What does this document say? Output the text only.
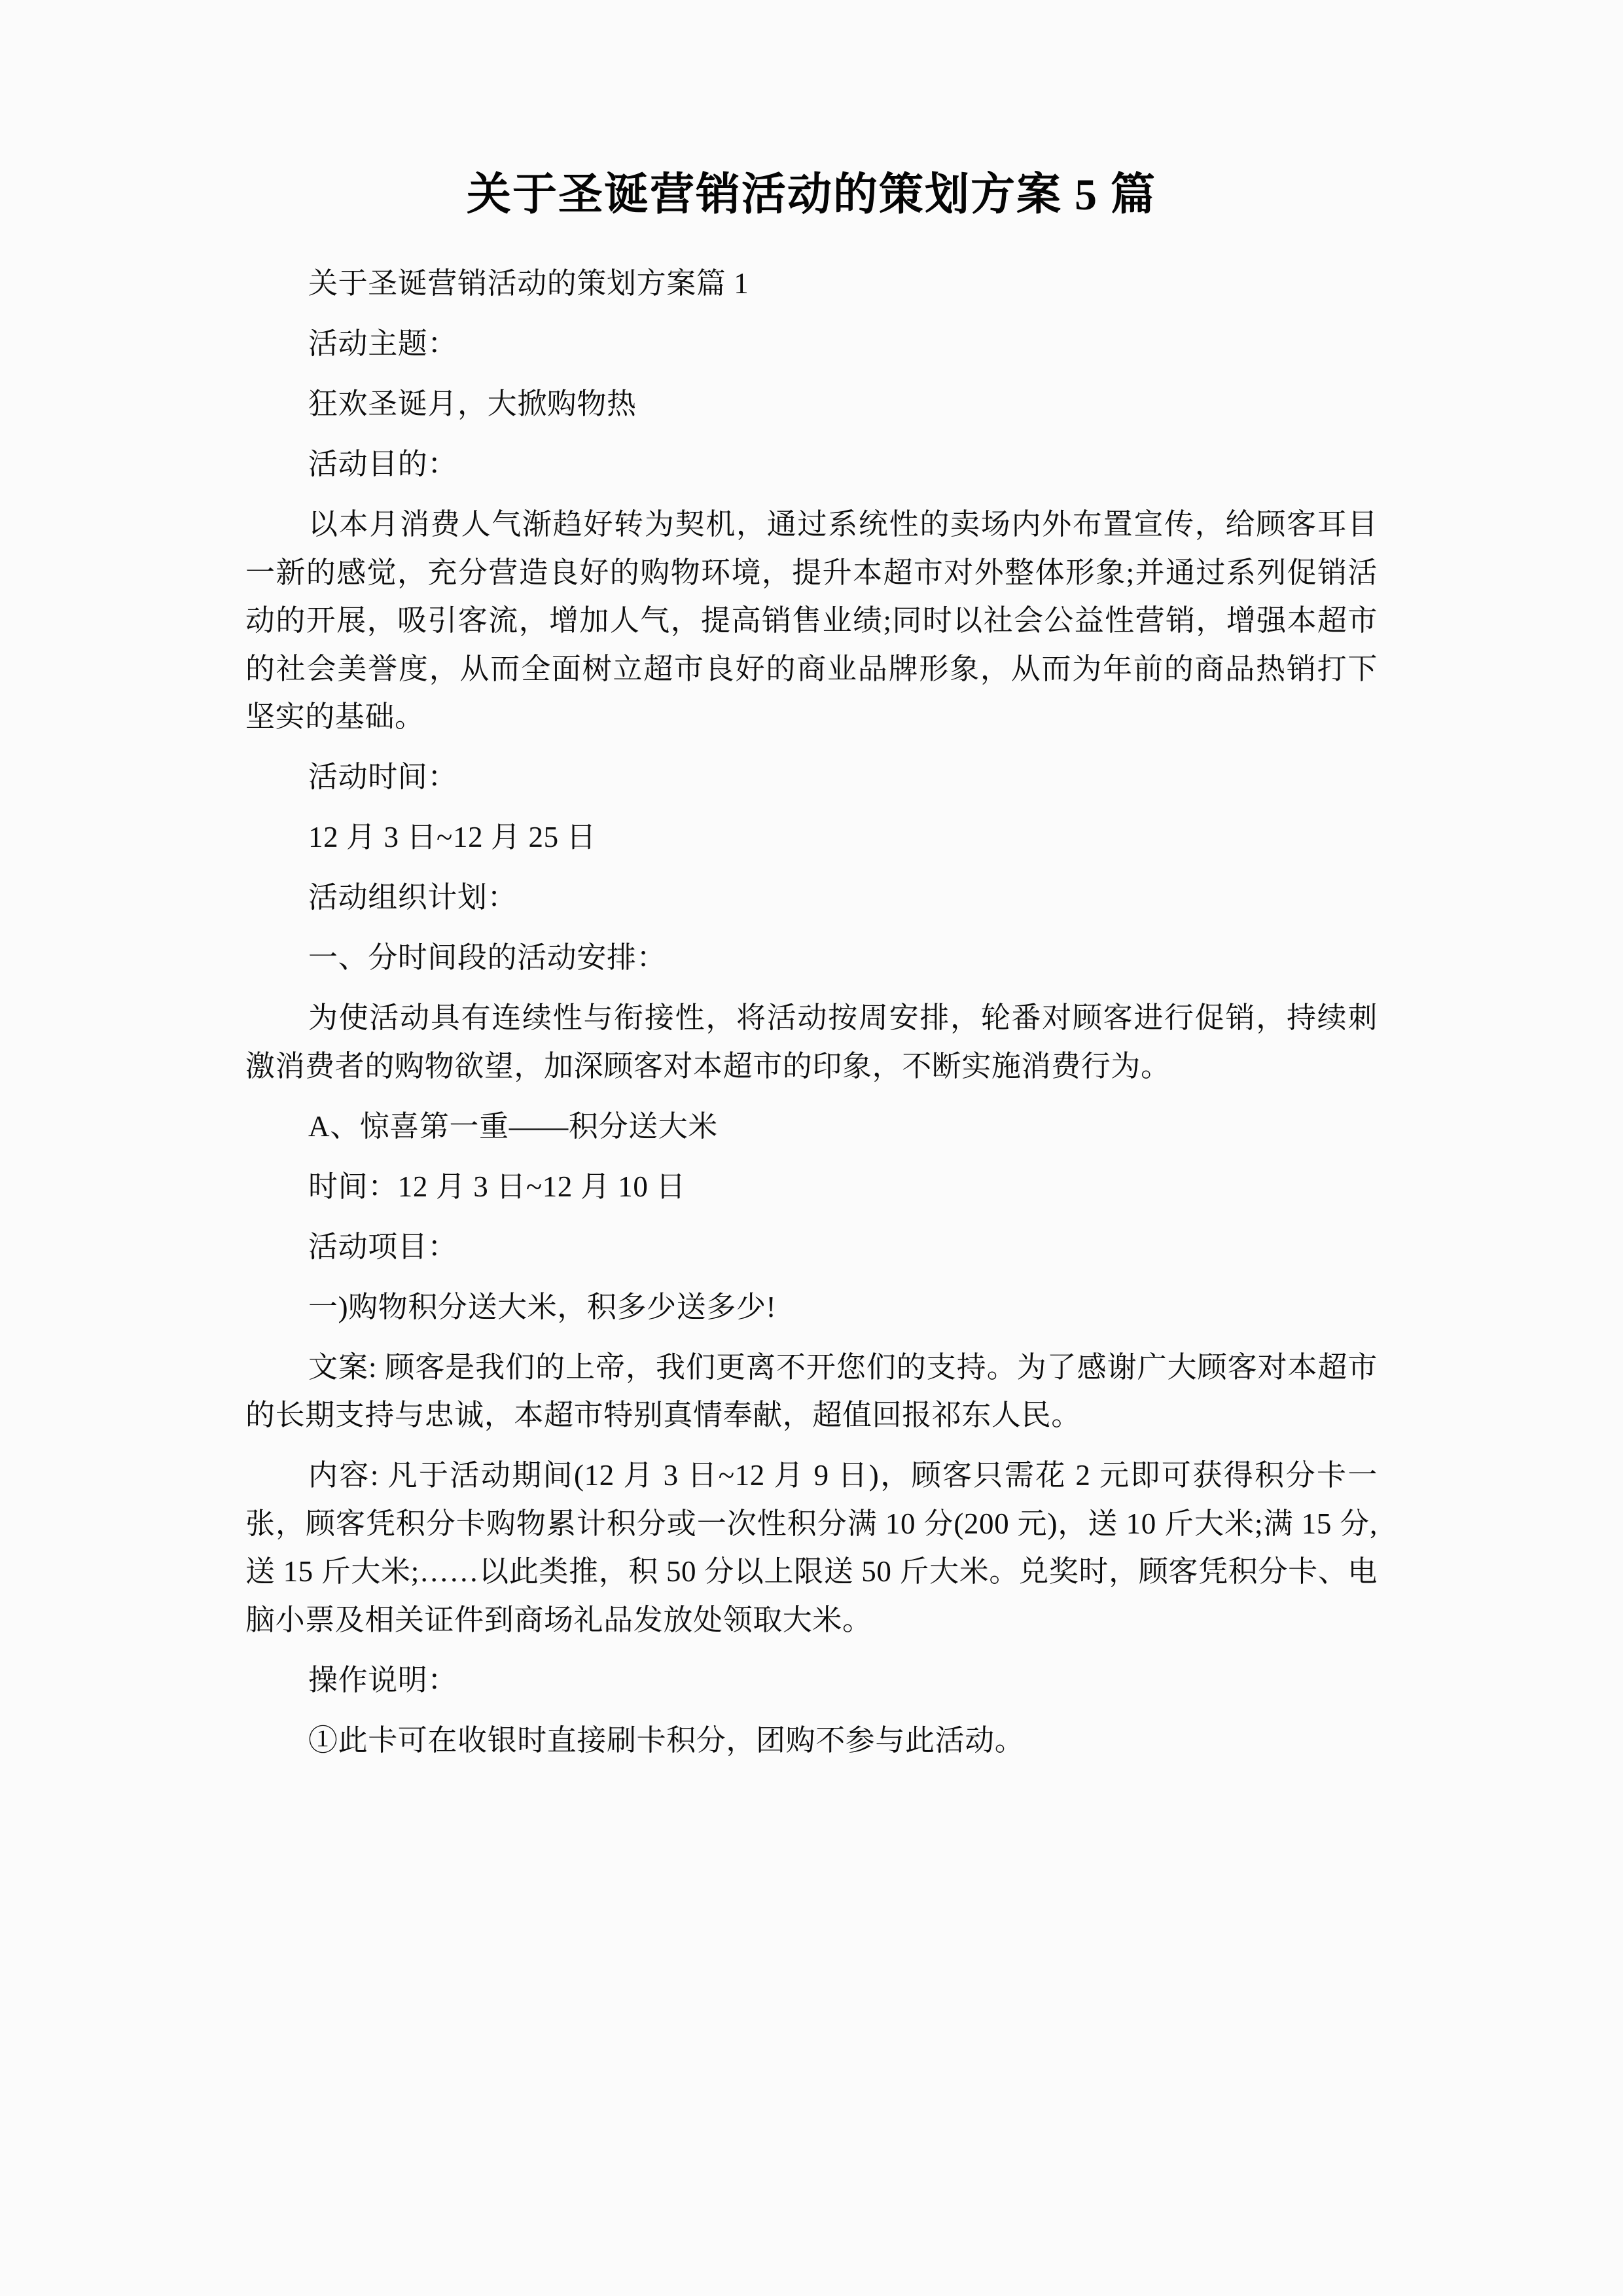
关于圣诞营销活动的策划方案 5 篇

关于圣诞营销活动的策划方案篇 1

活动主题：

狂欢圣诞月，大掀购物热

活动目的：

以本月消费人气渐趋好转为契机，通过系统性的卖场内外布置宣传，给顾客耳目一新的感觉，充分营造良好的购物环境，提升本超市对外整体形象;并通过系列促销活动的开展，吸引客流，增加人气，提高销售业绩;同时以社会公益性营销，增强本超市的社会美誉度，从而全面树立超市良好的商业品牌形象，从而为年前的商品热销打下坚实的基础。

活动时间：

12 月 3 日~12 月 25 日

活动组织计划：

一、分时间段的活动安排：

为使活动具有连续性与衔接性，将活动按周安排，轮番对顾客进行促销，持续刺激消费者的购物欲望，加深顾客对本超市的印象，不断实施消费行为。

A、惊喜第一重——积分送大米

时间：12 月 3 日~12 月 10 日

活动项目：

一)购物积分送大米，积多少送多少!

文案: 顾客是我们的上帝，我们更离不开您们的支持。为了感谢广大顾客对本超市的长期支持与忠诚，本超市特别真情奉献，超值回报祁东人民。

内容: 凡于活动期间(12 月 3 日~12 月 9 日)，顾客只需花 2 元即可获得积分卡一张，顾客凭积分卡购物累计积分或一次性积分满 10 分(200 元)，送 10 斤大米;满 15 分, 送 15 斤大米;……以此类推，积 50 分以上限送 50 斤大米。兑奖时，顾客凭积分卡、电脑小票及相关证件到商场礼品发放处领取大米。

操作说明：

①此卡可在收银时直接刷卡积分，团购不参与此活动。
